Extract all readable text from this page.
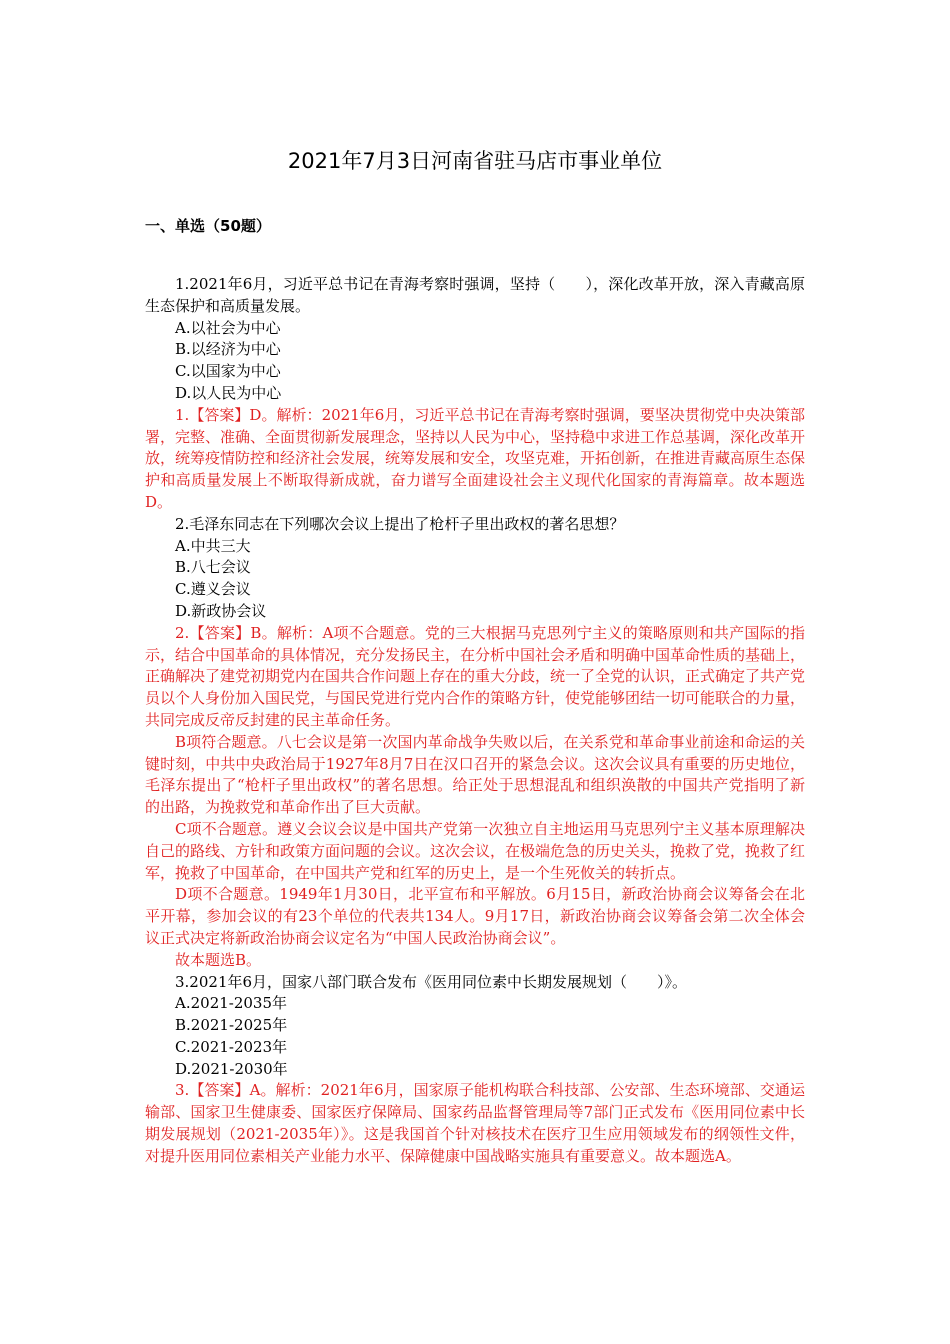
2021年7月3日河南省驻马店市事业单位
一、单选（50题）

1.2021年6月，习近平总书记在青海考察时强调，坚持（　　），深化改革开放，深入青藏高原生态保护和高质量发展。

A.以社会为中心

B.以经济为中心

C.以国家为中心

D.以人民为中心

1.【答案】D。解析：2021年6月，习近平总书记在青海考察时强调，要坚决贯彻党中央决策部署，完整、准确、全面贯彻新发展理念，坚持以人民为中心，坚持稳中求进工作总基调，深化改革开放，统筹疫情防控和经济社会发展，统筹发展和安全，攻坚克难，开拓创新，在推进青藏高原生态保护和高质量发展上不断取得新成就，奋力谱写全面建设社会主义现代化国家的青海篇章。故本题选D。

2.毛泽东同志在下列哪次会议上提出了枪杆子里出政权的著名思想？

A.中共三大

B.八七会议

C.遵义会议

D.新政协会议

2.【答案】B。解析：A项不合题意。党的三大根据马克思列宁主义的策略原则和共产国际的指示，结合中国革命的具体情况，充分发扬民主，在分析中国社会矛盾和明确中国革命性质的基础上，正确解决了建党初期党内在国共合作问题上存在的重大分歧，统一了全党的认识，正式确定了共产党员以个人身份加入国民党，与国民党进行党内合作的策略方针，使党能够团结一切可能联合的力量，共同完成反帝反封建的民主革命任务。

B项符合题意。八七会议是第一次国内革命战争失败以后，在关系党和革命事业前途和命运的关键时刻，中共中央政治局于1927年8月7日在汉口召开的紧急会议。这次会议具有重要的历史地位，毛泽东提出了“枪杆子里出政权”的著名思想。给正处于思想混乱和组织涣散的中国共产党指明了新的出路，为挽救党和革命作出了巨大贡献。

C项不合题意。遵义会议会议是中国共产党第一次独立自主地运用马克思列宁主义基本原理解决自己的路线、方针和政策方面问题的会议。这次会议，在极端危急的历史关头，挽救了党，挽救了红军，挽救了中国革命，在中国共产党和红军的历史上，是一个生死攸关的转折点。

D项不合题意。1949年1月30日，北平宣布和平解放。6月15日，新政治协商会议筹备会在北平开幕，参加会议的有23个单位的代表共134人。9月17日，新政治协商会议筹备会第二次全体会议正式决定将新政治协商会议定名为“中国人民政治协商会议”。

故本题选B。

3.2021年6月，国家八部门联合发布《医用同位素中长期发展规划（　　）》。

A.2021-2035年

B.2021-2025年

C.2021-2023年

D.2021-2030年

3.【答案】A。解析：2021年6月，国家原子能机构联合科技部、公安部、生态环境部、交通运输部、国家卫生健康委、国家医疗保障局、国家药品监督管理局等7部门正式发布《医用同位素中长期发展规划（2021-2035年）》。这是我国首个针对核技术在医疗卫生应用领域发布的纲领性文件，对提升医用同位素相关产业能力水平、保障健康中国战略实施具有重要意义。故本题选A。
